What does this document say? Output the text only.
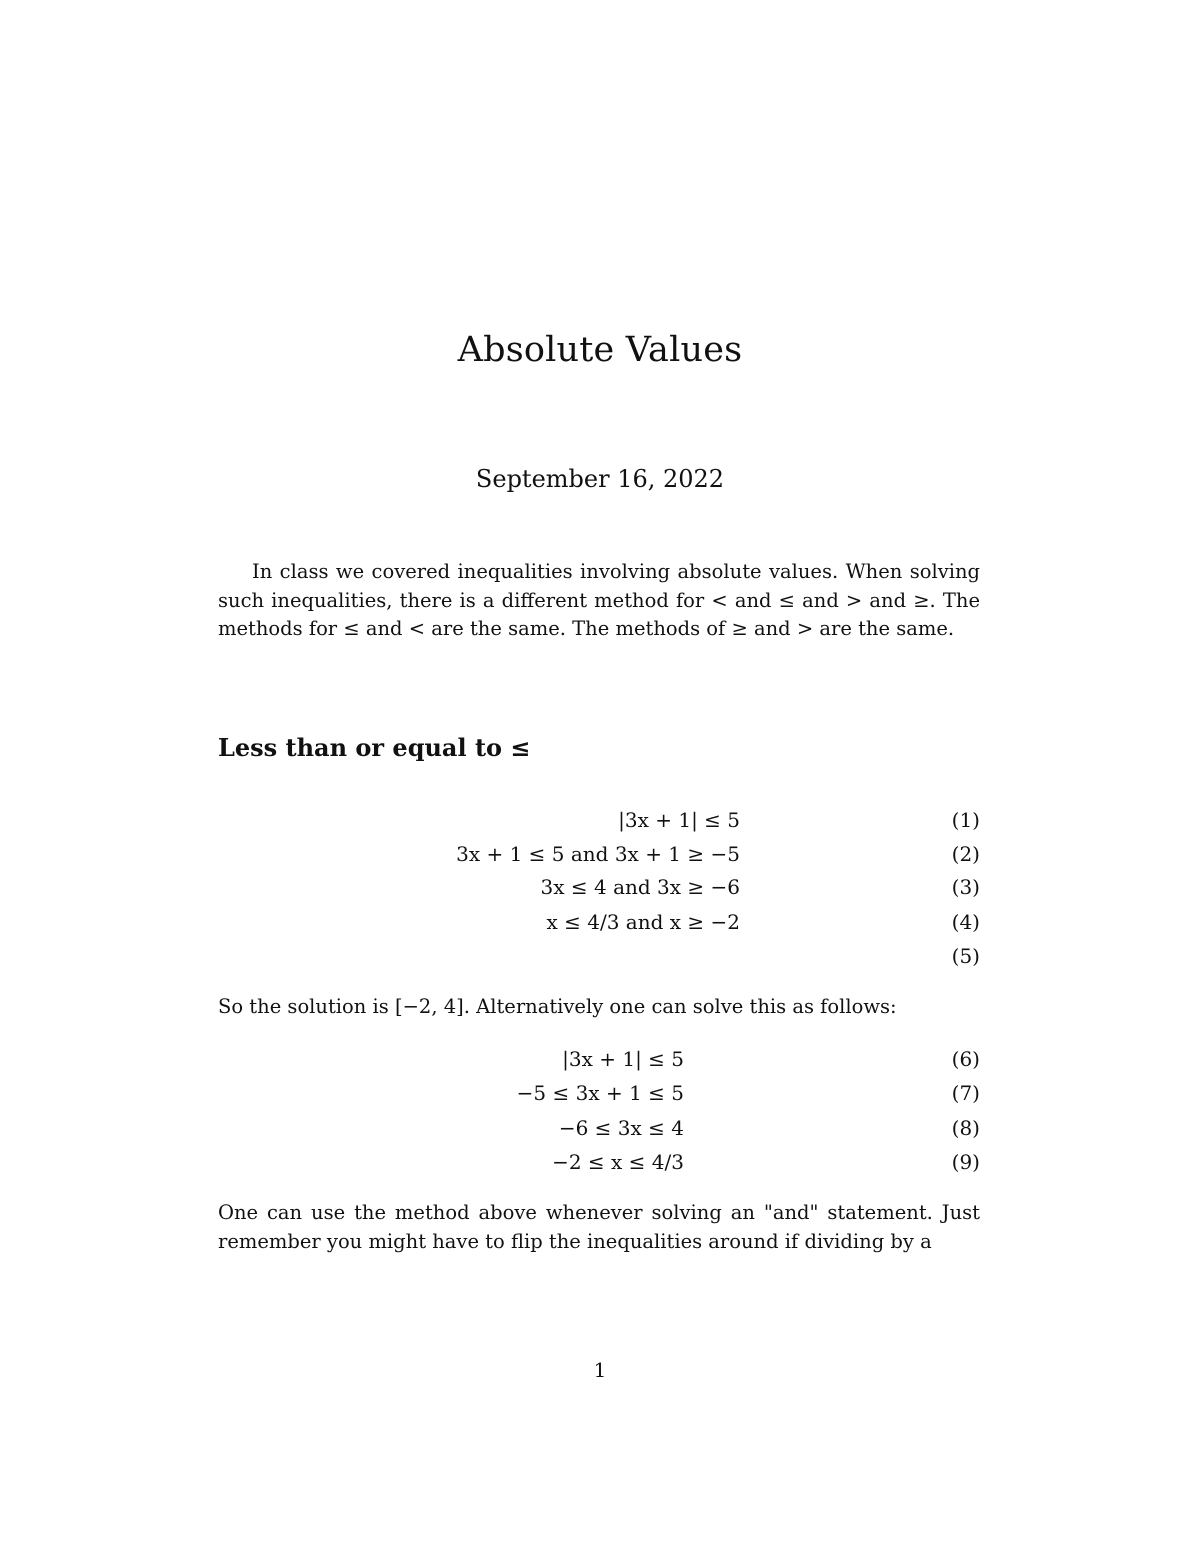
Absolute Values
September 16, 2022
In class we covered inequalities involving absolute values. When solving such inequalities, there is a different method for < and ≤ and > and ≥. The methods for ≤ and < are the same. The methods of ≥ and > are the same.
Less than or equal to ≤
|3x + 1| ≤ 5	(1)
3x + 1 ≤ 5 and 3x + 1 ≥ −5	(2)
3x ≤ 4 and 3x ≥ −6	(3)
x ≤ 4/3 and x ≥ −2	(4)
(5)
So the solution is [−2, 4]. Alternatively one can solve this as follows:
|3x + 1| ≤ 5	(6)
−5 ≤ 3x + 1 ≤ 5	(7)
−6 ≤ 3x ≤ 4	(8)
−2 ≤ x ≤ 4/3	(9)
One can use the method above whenever solving an "and" statement. Just remember you might have to flip the inequalities around if dividing by a
1
